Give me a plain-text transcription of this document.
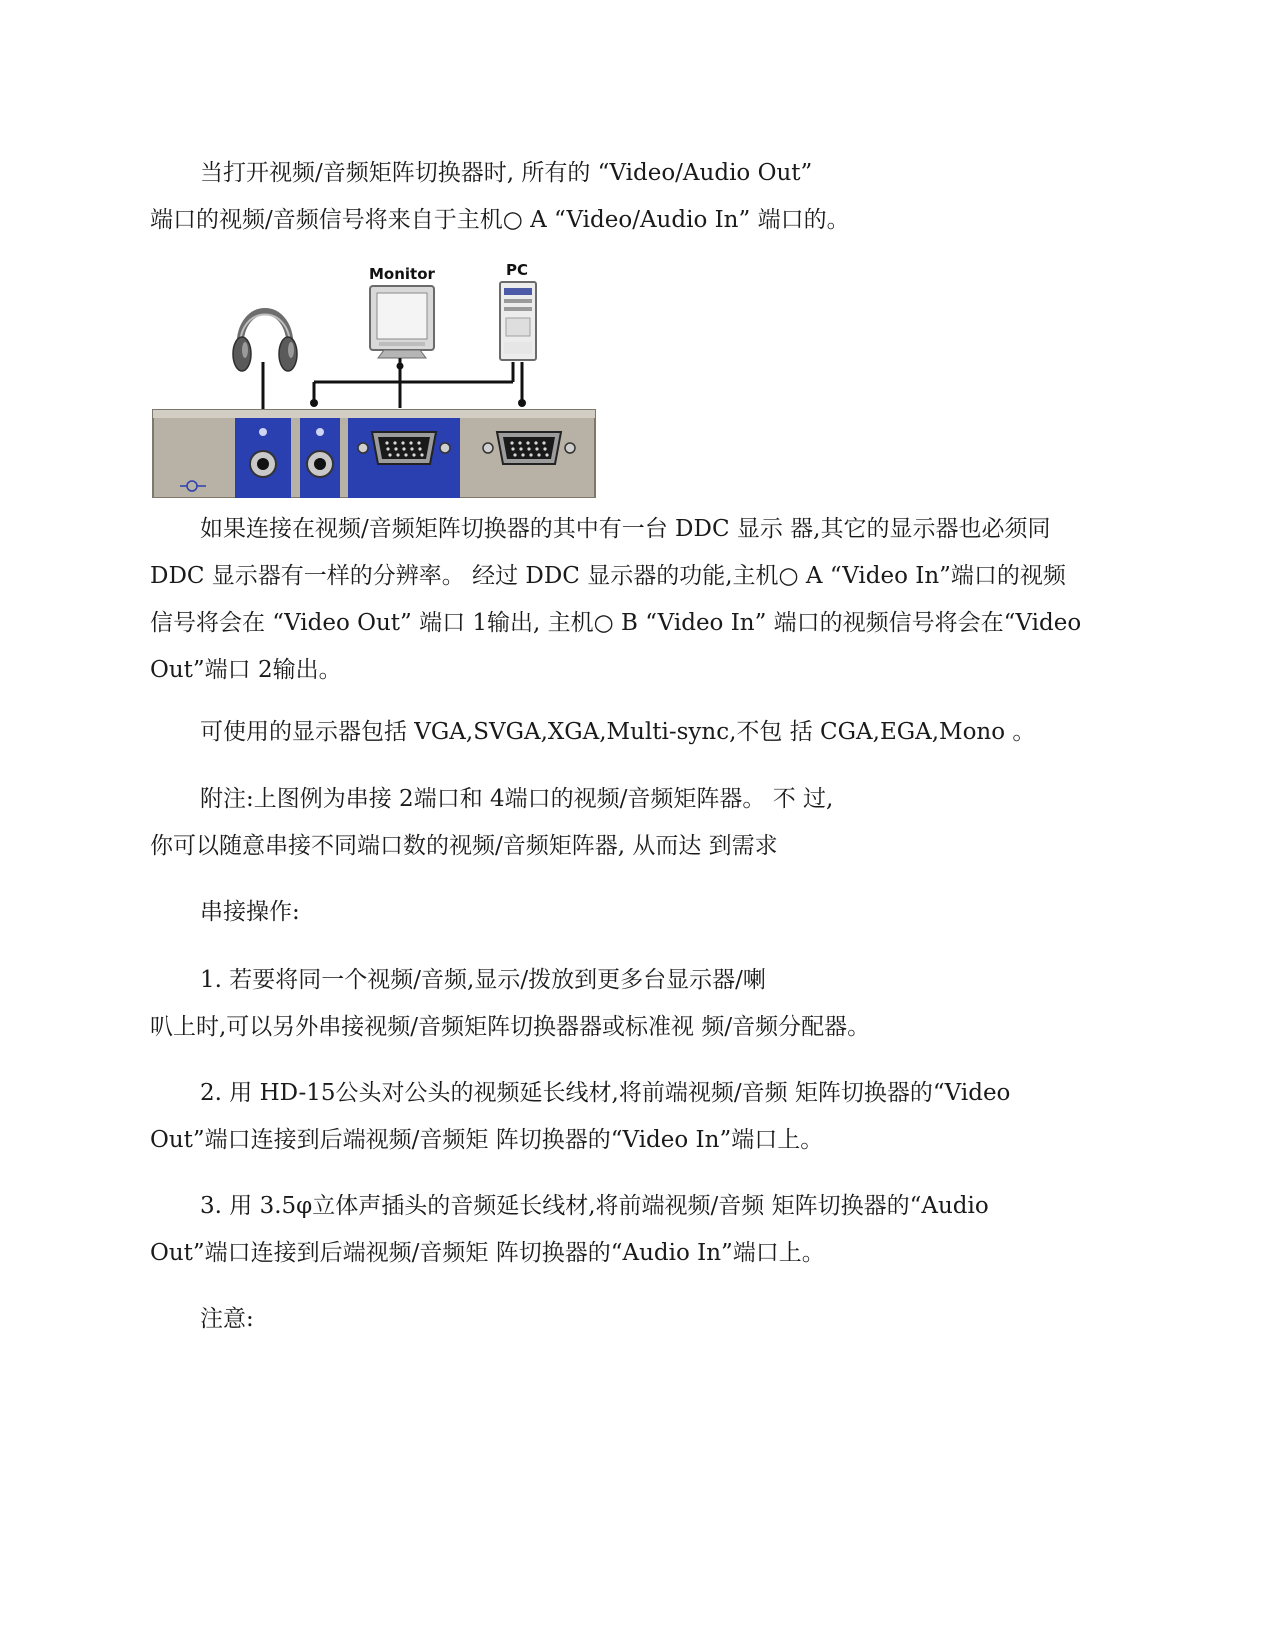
当打开视频/音频矩阵切换器时, 所有的 “Video/Audio Out”
端口的视频/音频信号将来自于主机○ A “Video/Audio In” 端口的。
Monitor	PC
如果连接在视频/音频矩阵切换器的其中有一台 DDC 显示 器,其它的显示器也必须同
DDC 显示器有一样的分辨率。 经过 DDC 显示器的功能,主机○ A “Video In”端口的视频
信号将会在 “Video Out” 端口 1输出, 主机○ B “Video In” 端口的视频信号将会在“Video
Out”端口 2输出。
可使用的显示器包括 VGA,SVGA,XGA,Multi-sync,不包 括 CGA,EGA,Mono 。
附注:上图例为串接 2端口和 4端口的视频/音频矩阵器。 不 过,
你可以随意串接不同端口数的视频/音频矩阵器, 从而达 到需求
串接操作:
1. 若要将同一个视频/音频,显示/拨放到更多台显示器/喇
叭上时,可以另外串接视频/音频矩阵切换器器或标准视 频/音频分配器。
2. 用 HD-15公头对公头的视频延长线材,将前端视频/音频 矩阵切换器的“Video
Out”端口连接到后端视频/音频矩 阵切换器的“Video In”端口上。
3. 用 3.5φ立体声插头的音频延长线材,将前端视频/音频 矩阵切换器的“Audio
Out”端口连接到后端视频/音频矩 阵切换器的“Audio In”端口上。
注意:
